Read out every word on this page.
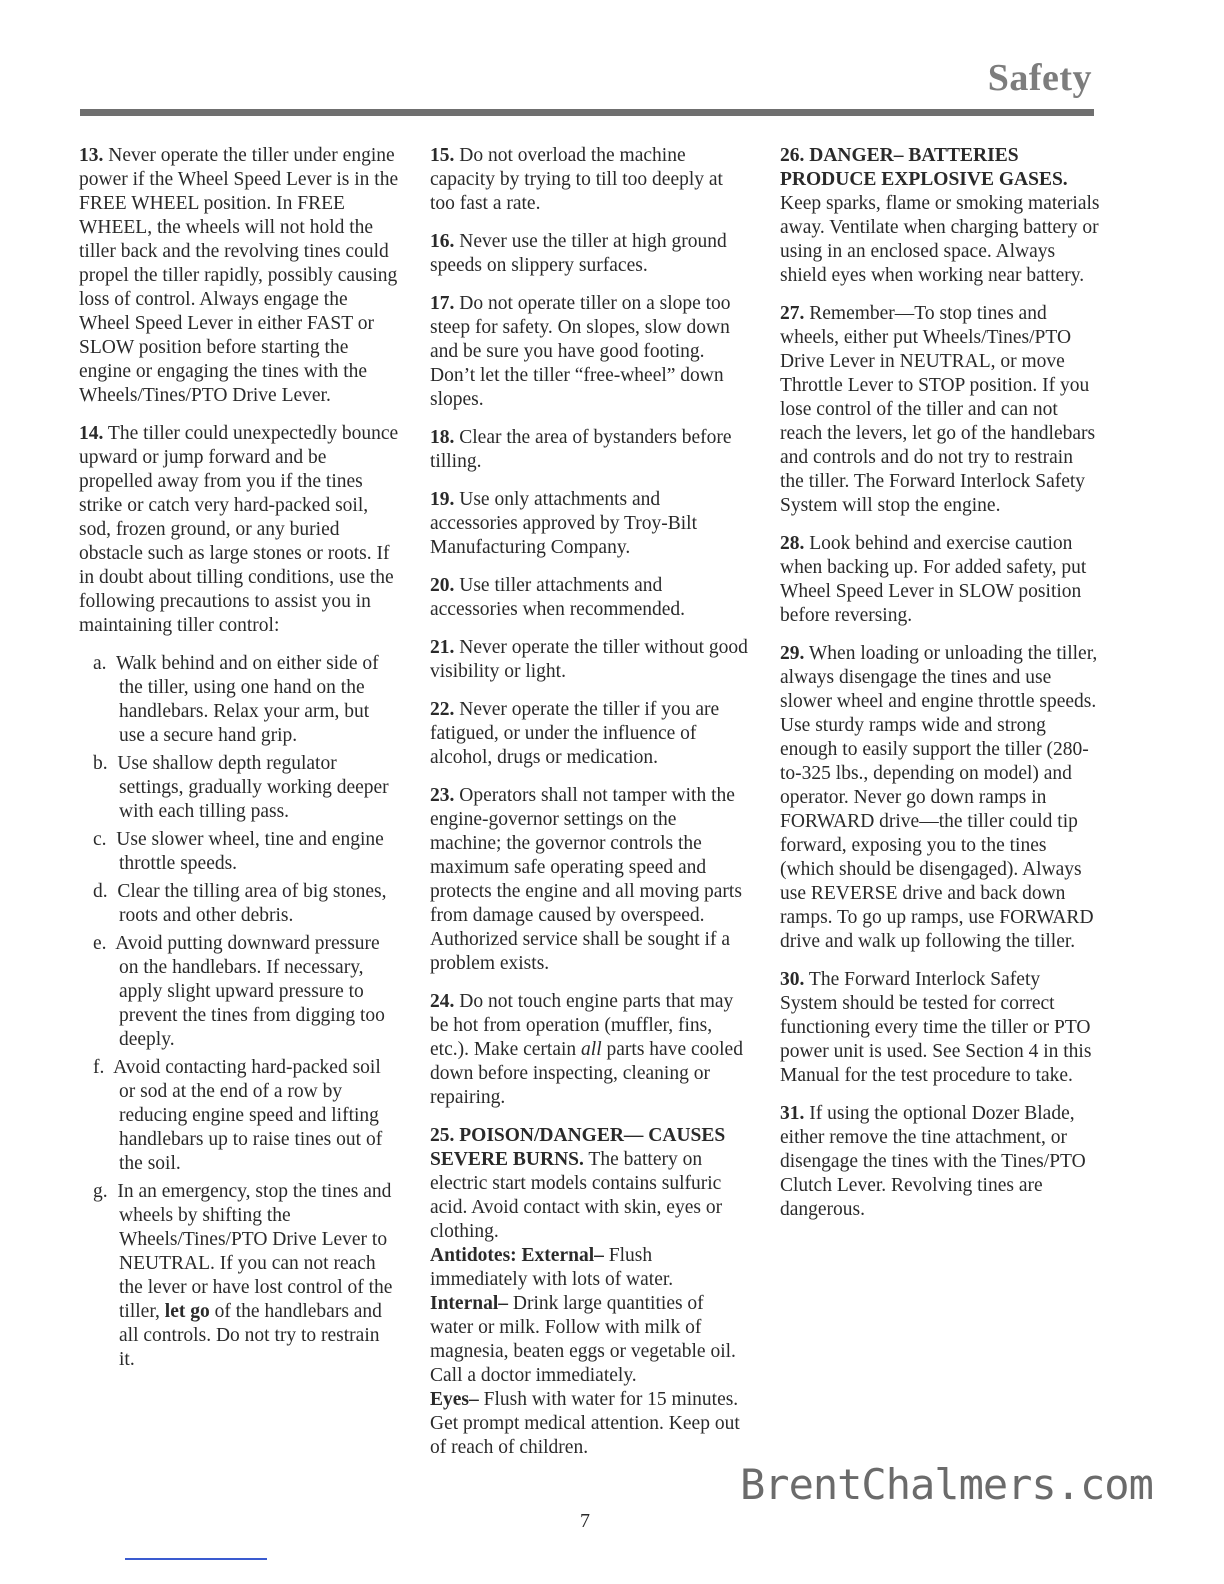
Safety

13. Never operate the tiller under engine power if the Wheel Speed Lever is in the FREE WHEEL position. In FREE WHEEL, the wheels will not hold the tiller back and the revolving tines could propel the tiller rapidly, possibly causing loss of control. Always engage the Wheel Speed Lever in either FAST or SLOW position before starting the engine or engaging the tines with the Wheels/Tines/PTO Drive Lever.

14. The tiller could unexpectedly bounce upward or jump forward and be propelled away from you if the tines strike or catch very hard-packed soil, sod, frozen ground, or any buried obstacle such as large stones or roots. If in doubt about tilling conditions, use the following precautions to assist you in maintaining tiller control:

a. Walk behind and on either side of the tiller, using one hand on the handlebars. Relax your arm, but use a secure hand grip.
b. Use shallow depth regulator settings, gradually working deeper with each tilling pass.
c. Use slower wheel, tine and engine throttle speeds.
d. Clear the tilling area of big stones, roots and other debris.
e. Avoid putting downward pressure on the handlebars. If necessary, apply slight upward pressure to prevent the tines from digging too deeply.
f. Avoid contacting hard-packed soil or sod at the end of a row by reducing engine speed and lifting handlebars up to raise tines out of the soil.
g. In an emergency, stop the tines and wheels by shifting the Wheels/Tines/PTO Drive Lever to NEUTRAL. If you can not reach the lever or have lost control of the tiller, let go of the handlebars and all controls. Do not try to restrain it.

15. Do not overload the machine capacity by trying to till too deeply at too fast a rate.

16. Never use the tiller at high ground speeds on slippery surfaces.

17. Do not operate tiller on a slope too steep for safety. On slopes, slow down and be sure you have good footing. Don’t let the tiller “free-wheel” down slopes.

18. Clear the area of bystanders before tilling.

19. Use only attachments and accessories approved by Troy-Bilt Manufacturing Company.

20. Use tiller attachments and accessories when recommended.

21. Never operate the tiller without good visibility or light.

22. Never operate the tiller if you are fatigued, or under the influence of alcohol, drugs or medication.

23. Operators shall not tamper with the engine-governor settings on the machine; the governor controls the maximum safe operating speed and protects the engine and all moving parts from damage caused by overspeed. Authorized service shall be sought if a problem exists.

24. Do not touch engine parts that may be hot from operation (muffler, fins, etc.). Make certain all parts have cooled down before inspecting, cleaning or repairing.

25. POISON/DANGER— CAUSES SEVERE BURNS. The battery on electric start models contains sulfuric acid. Avoid contact with skin, eyes or clothing.
Antidotes: External– Flush immediately with lots of water.
Internal– Drink large quantities of water or milk. Follow with milk of magnesia, beaten eggs or vegetable oil. Call a doctor immediately.
Eyes– Flush with water for 15 minutes. Get prompt medical attention. Keep out of reach of children.

26. DANGER– BATTERIES PRODUCE EXPLOSIVE GASES. Keep sparks, flame or smoking materials away. Ventilate when charging battery or using in an enclosed space. Always shield eyes when working near battery.

27. Remember—To stop tines and wheels, either put Wheels/Tines/PTO Drive Lever in NEUTRAL, or move Throttle Lever to STOP position. If you lose control of the tiller and can not reach the levers, let go of the handlebars and controls and do not try to restrain the tiller. The Forward Interlock Safety System will stop the engine.

28. Look behind and exercise caution when backing up. For added safety, put Wheel Speed Lever in SLOW position before reversing.

29. When loading or unloading the tiller, always disengage the tines and use slower wheel and engine throttle speeds. Use sturdy ramps wide and strong enough to easily support the tiller (280-to-325 lbs., depending on model) and operator. Never go down ramps in FORWARD drive—the tiller could tip forward, exposing you to the tines (which should be disengaged). Always use REVERSE drive and back down ramps. To go up ramps, use FORWARD drive and walk up following the tiller.

30. The Forward Interlock Safety System should be tested for correct functioning every time the tiller or PTO power unit is used. See Section 4 in this Manual for the test procedure to take.

31. If using the optional Dozer Blade, either remove the tine attachment, or disengage the tines with the Tines/PTO Clutch Lever. Revolving tines are dangerous.

BrentChalmers.com
7
